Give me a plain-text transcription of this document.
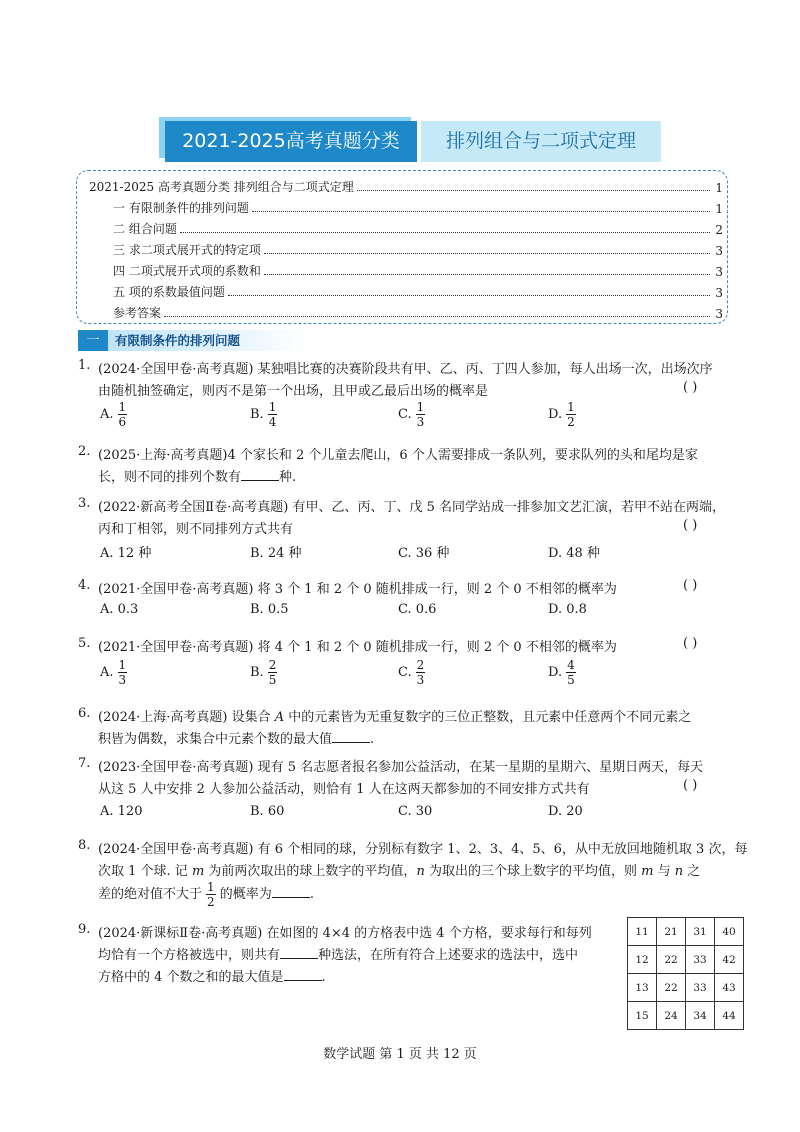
2021-2025高考真题分类	排列组合与二项式定理
2021-2025 高考真题分类 排列组合与二项式定理	1
一 有限制条件的排列问题	1
二 组合问题	2
三 求二项式展开式的特定项	3
四 二项式展开式项的系数和	3
五 项的系数最值问题	3
参考答案	3
一	有限制条件的排列问题
1. (2024·全国甲卷·高考真题) 某独唱比赛的决赛阶段共有甲、乙、丙、丁四人参加，每人出场一次，出场次序
由随机抽签确定，则丙不是第一个出场，且甲或乙最后出场的概率是	( )
A. $\frac{1}{6}$	B. $\frac{1}{4}$	C. $\frac{1}{3}$	D. $\frac{1}{2}$
2. (2025·上海·高考真题)4 个家长和 2 个儿童去爬山，6 个人需要排成一条队列，要求队列的头和尾均是家
长，则不同的排列个数有	种.
3. (2022·新高考全国Ⅱ卷·高考真题) 有甲、乙、丙、丁、戊 5 名同学站成一排参加文艺汇演，若甲不站在两端，
丙和丁相邻，则不同排列方式共有	( )
A. 12 种	B. 24 种	C. 36 种	D. 48 种
4. (2021·全国甲卷·高考真题) 将 3 个 1 和 2 个 0 随机排成一行，则 2 个 0 不相邻的概率为	( )
A. 0.3	B. 0.5	C. 0.6	D. 0.8
5. (2021·全国甲卷·高考真题) 将 4 个 1 和 2 个 0 随机排成一行，则 2 个 0 不相邻的概率为	( )
A. $\frac{1}{3}$	B. $\frac{2}{5}$	C. $\frac{2}{3}$	D. $\frac{4}{5}$
6. (2024·上海·高考真题) 设集合 A 中的元素皆为无重复数字的三位正整数，且元素中任意两个不同元素之
积皆为偶数，求集合中元素个数的最大值	.
7. (2023·全国甲卷·高考真题) 现有 5 名志愿者报名参加公益活动，在某一星期的星期六、星期日两天，每天
从这 5 人中安排 2 人参加公益活动，则恰有 1 人在这两天都参加的不同安排方式共有	( )
A. 120	B. 60	C. 30	D. 20
8. (2024·全国甲卷·高考真题) 有 6 个相同的球，分别标有数字 1、2、3、4、5、6，从中无放回地随机取 3 次，每
次取 1 个球. 记 m 为前两次取出的球上数字的平均值，n 为取出的三个球上数字的平均值，则 m 与 n 之
差的绝对值不大于 $\frac{1}{2}$ 的概率为	.
9. (2024·新课标Ⅱ卷·高考真题) 在如图的 4×4 的方格表中选 4 个方格，要求每行和每列
均恰有一个方格被选中，则共有	种选法，在所有符合上述要求的选法中，选中
方格中的 4 个数之和的最大值是	.
11	21	31	40
12	22	33	42
13	22	33	43
15	24	34	44
数学试题 第 1 页 共 12 页
